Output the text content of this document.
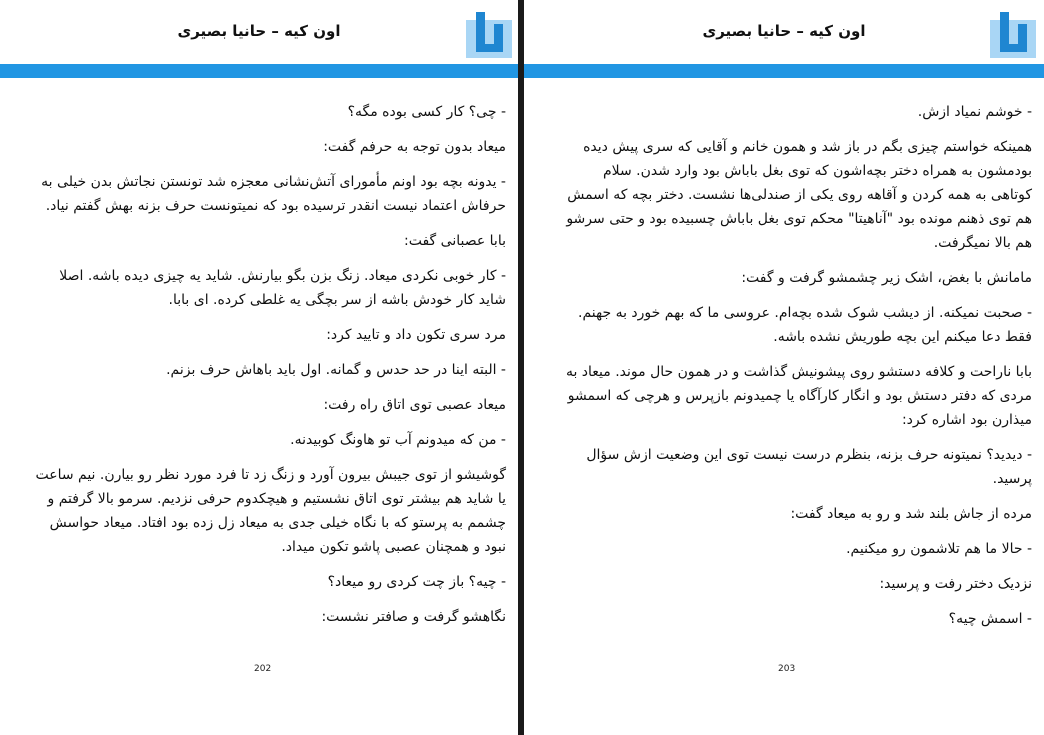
اون کیه – حانیا بصیری

- چی؟ کار کسی بوده مگه؟

میعاد بدون توجه به حرفم گفت:

- یدونه بچه بود اونم مأمورای آتش‌نشانی معجزه شد تونستن نجاتش بدن خیلی به حرفاش اعتماد نیست انقدر ترسیده بود که نمیتونست حرف بزنه بهش گفتم نیاد.

بابا عصبانی گفت:

- کار خوبی نکردی میعاد. زنگ بزن بگو بیارنش. شاید یه چیزی دیده باشه. اصلا شاید کار خودش باشه از سر بچگی یه غلطی کرده. ای بابا.

مرد سری تکون داد و تایید کرد:

- البته اینا در حد حدس و گمانه. اول باید باهاش حرف بزنم.

میعاد عصبی توی اتاق راه رفت:

- من که میدونم آب تو هاونگ کوبیدنه.

گوشیشو از توی جیبش بیرون آورد و زنگ زد تا فرد مورد نظر رو بیارن. نیم ساعت یا شاید هم بیشتر توی اتاق نشستیم و هیچکدوم حرفی نزدیم. سرمو بالا گرفتم و چشمم به پرستو که با نگاه خیلی جدی به میعاد زل زده بود افتاد. میعاد حواسش نبود و همچنان عصبی پاشو تکون میداد.

- چیه؟ باز چت کردی رو میعاد؟

نگاهشو گرفت و صافتر نشست:

202
اون کیه – حانیا بصیری

- خوشم نمیاد ازش.

همینکه خواستم چیزی بگم در باز شد و همون خانم و آقایی که سری پیش دیده بودمشون به همراه دختر بچه‌اشون که توی بغل باباش بود وارد شدن. سلام کوتاهی به همه کردن و آقاهه روی یکی از صندلی‌ها نشست. دختر بچه که اسمش هم توی ذهنم مونده بود "آناهیتا" محکم توی بغل باباش چسبیده بود و حتی سرشو هم بالا نمیگرفت.

مامانش با بغض، اشک زیر چشمشو گرفت و گفت:

- صحبت نمیکنه. از دیشب شوک شده بچه‌ام. عروسی ما که بهم خورد به جهنم. فقط دعا میکنم این بچه طوریش نشده باشه.

بابا ناراحت و کلافه دستشو روی پیشونیش گذاشت و در همون حال موند. میعاد به مردی که دفتر دستش بود و انگار کارآگاه یا چمیدونم بازپرس و هرچی که اسمشو میذارن بود اشاره کرد:

- دیدید؟ نمیتونه حرف بزنه، بنظرم درست نیست توی این وضعیت ازش سؤال پرسید.

مرده از جاش بلند شد و رو به میعاد گفت:

- حالا ما هم تلاشمون رو میکنیم.

نزدیک دختر رفت و پرسید:

- اسمش چیه؟

203
